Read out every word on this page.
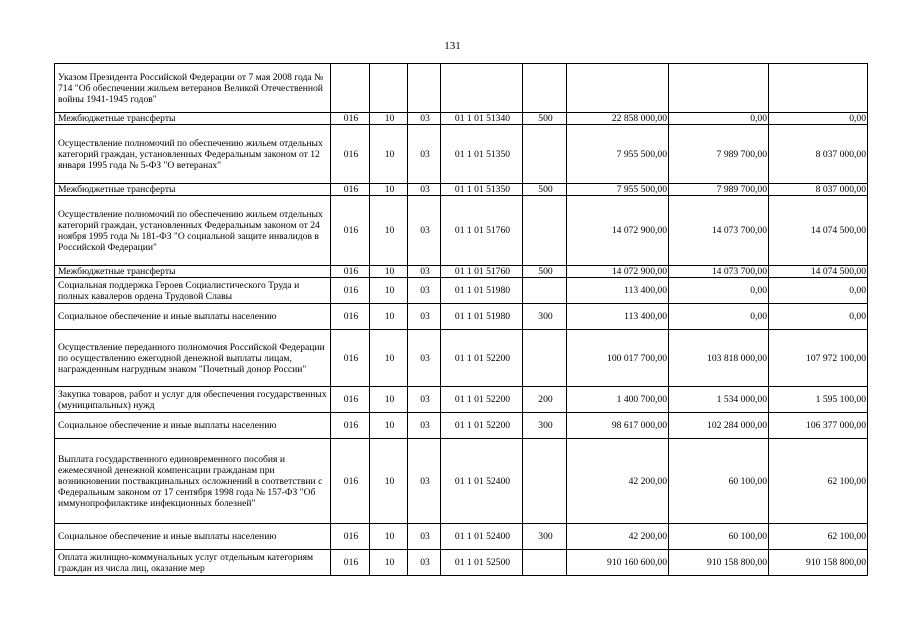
131
Указом Президента Российской Федерации от 7 мая 2008 года № 714 "Об обеспечении жильем ветеранов Великой Отечественной войны 1941-1945 годов"								
Межбюджетные трансферты	016	10	03	01 1 01 51340	500	22 858 000,00	0,00	0,00
Осуществление полномочий по обеспечению жильем отдельных категорий граждан, установленных Федеральным законом от 12 января 1995 года № 5-ФЗ "О ветеранах"	016	10	03	01 1 01 51350		7 955 500,00	7 989 700,00	8 037 000,00
Межбюджетные трансферты	016	10	03	01 1 01 51350	500	7 955 500,00	7 989 700,00	8 037 000,00
Осуществление полномочий по обеспечению жильем отдельных категорий граждан, установленных Федеральным законом от 24 ноября 1995 года № 181-ФЗ "О социальной защите инвалидов в Российской Федерации"	016	10	03	01 1 01 51760		14 072 900,00	14 073 700,00	14 074 500,00
Межбюджетные трансферты	016	10	03	01 1 01 51760	500	14 072 900,00	14 073 700,00	14 074 500,00
Социальная поддержка Героев Социалистического Труда и полных кавалеров ордена Трудовой Славы	016	10	03	01 1 01 51980		113 400,00	0,00	0,00
Социальное обеспечение и иные выплаты населению	016	10	03	01 1 01 51980	300	113 400,00	0,00	0,00
Осуществление переданного полномочия Российской Федерации по осуществлению ежегодной денежной выплаты лицам, награжденным нагрудным знаком "Почетный донор России"	016	10	03	01 1 01 52200		100 017 700,00	103 818 000,00	107 972 100,00
Закупка товаров, работ и услуг для обеспечения государственных (муниципальных) нужд	016	10	03	01 1 01 52200	200	1 400 700,00	1 534 000,00	1 595 100,00
Социальное обеспечение и иные выплаты населению	016	10	03	01 1 01 52200	300	98 617 000,00	102 284 000,00	106 377 000,00
Выплата государственного единовременного пособия и ежемесячной денежной компенсации гражданам при возникновении поствакцинальных осложнений в соответствии с Федеральным законом от 17 сентября 1998 года № 157-ФЗ "Об иммунопрофилактике инфекционных болезней"	016	10	03	01 1 01 52400		42 200,00	60 100,00	62 100,00
Социальное обеспечение и иные выплаты населению	016	10	03	01 1 01 52400	300	42 200,00	60 100,00	62 100,00
Оплата жилищно-коммунальных услуг отдельным категориям граждан из числа лиц, оказание мер	016	10	03	01 1 01 52500		910 160 600,00	910 158 800,00	910 158 800,00
